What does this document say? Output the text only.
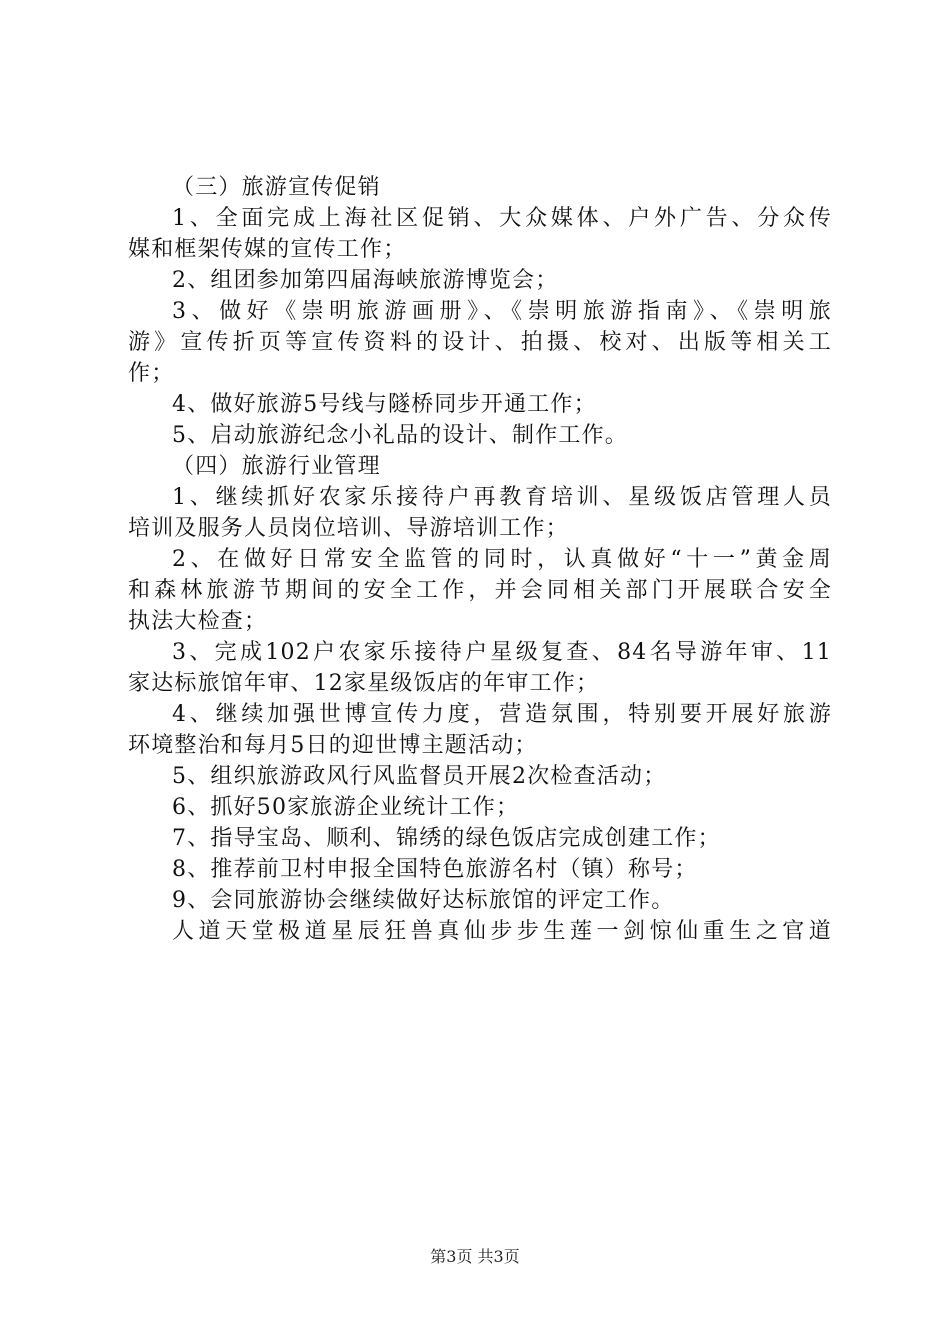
（三）旅游宣传促销
1、全面完成上海社区促销、大众媒体、户外广告、分众传
媒和框架传媒的宣传工作；
2、组团参加第四届海峡旅游博览会；
3、做好《崇明旅游画册》、《崇明旅游指南》、《崇明旅
游》宣传折页等宣传资料的设计、拍摄、校对、出版等相关工
作；
4、做好旅游5号线与隧桥同步开通工作；
5、启动旅游纪念小礼品的设计、制作工作。
（四）旅游行业管理
1、继续抓好农家乐接待户再教育培训、星级饭店管理人员
培训及服务人员岗位培训、导游培训工作；
2、在做好日常安全监管的同时，认真做好“十一”黄金周
和森林旅游节期间的安全工作，并会同相关部门开展联合安全
执法大检查；
3、完成102户农家乐接待户星级复查、84名导游年审、11
家达标旅馆年审、12家星级饭店的年审工作；
4、继续加强世博宣传力度，营造氛围，特别要开展好旅游
环境整治和每月5日的迎世博主题活动；
5、组织旅游政风行风监督员开展2次检查活动；
6、抓好50家旅游企业统计工作；
7、指导宝岛、顺利、锦绣的绿色饭店完成创建工作；
8、推荐前卫村申报全国特色旅游名村（镇）称号；
9、会同旅游协会继续做好达标旅馆的评定工作。
人道天堂极道星辰狂兽真仙步步生莲一剑惊仙重生之官道
第3页 共3页
